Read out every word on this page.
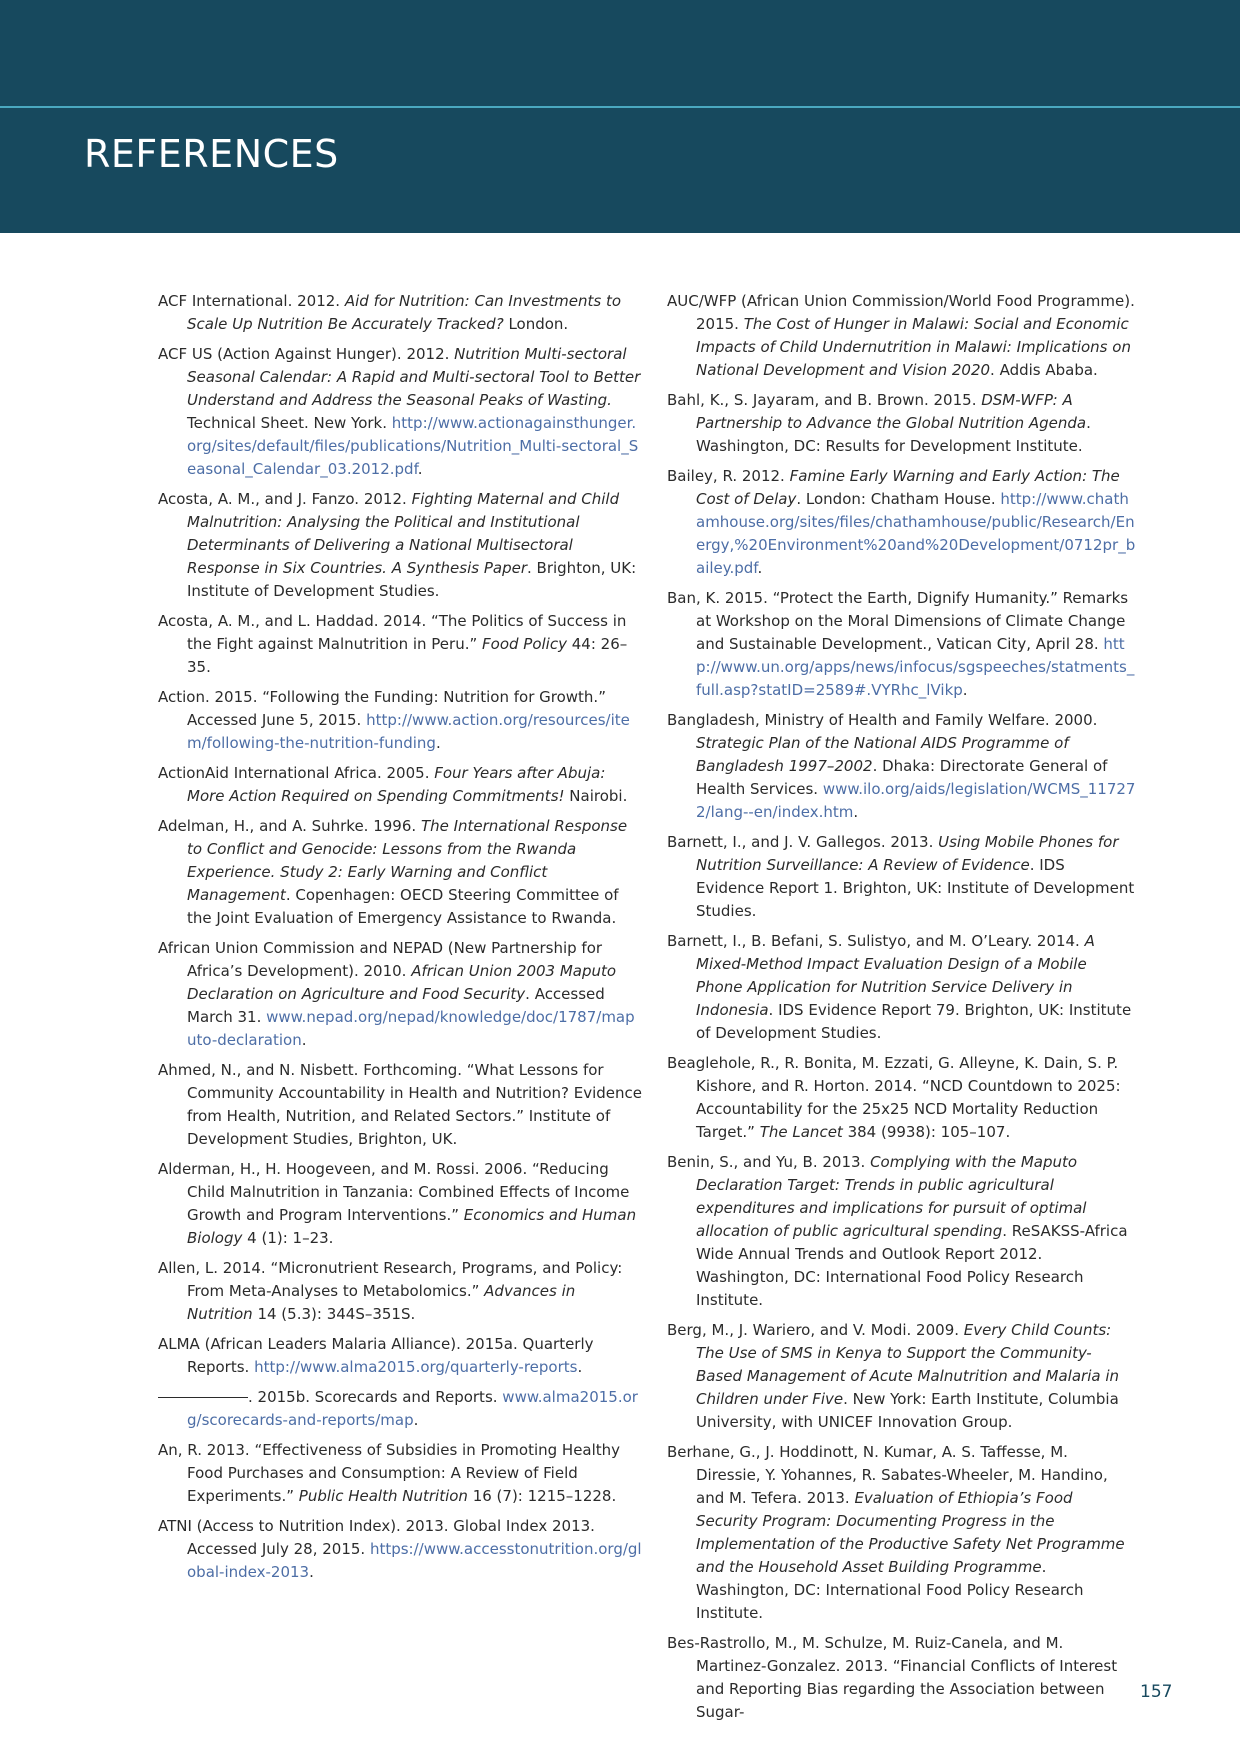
REFERENCES

ACF International. 2012. Aid for Nutrition: Can Investments to Scale Up Nutrition Be Accurately Tracked? London.

ACF US (Action Against Hunger). 2012. Nutrition Multi-sectoral Seasonal Calendar: A Rapid and Multi-sectoral Tool to Better Understand and Address the Seasonal Peaks of Wasting. Technical Sheet. New York. http://www.actionagainsthunger.org/sites/default/files/publications/Nutrition_Multi-sectoral_Seasonal_Calendar_03.2012.pdf.

Acosta, A. M., and J. Fanzo. 2012. Fighting Maternal and Child Malnutrition: Analysing the Political and Institutional Determinants of Delivering a National Multisectoral Response in Six Countries. A Synthesis Paper. Brighton, UK: Institute of Development Studies.

Acosta, A. M., and L. Haddad. 2014. “The Politics of Success in the Fight against Malnutrition in Peru.” Food Policy 44: 26–35.

Action. 2015. “Following the Funding: Nutrition for Growth.” Accessed June 5, 2015. http://www.action.org/resources/item/following-the-nutrition-funding.

ActionAid International Africa. 2005. Four Years after Abuja: More Action Required on Spending Commitments! Nairobi.

Adelman, H., and A. Suhrke. 1996. The International Response to Conflict and Genocide: Lessons from the Rwanda Experience. Study 2: Early Warning and Conflict Management. Copenhagen: OECD Steering Committee of the Joint Evaluation of Emergency Assistance to Rwanda.

African Union Commission and NEPAD (New Partnership for Africa’s Development). 2010. African Union 2003 Maputo Declaration on Agriculture and Food Security. Accessed March 31. www.nepad.org/nepad/knowledge/doc/1787/maputo-declaration.

Ahmed, N., and N. Nisbett. Forthcoming. “What Lessons for Community Accountability in Health and Nutrition? Evidence from Health, Nutrition, and Related Sectors.” Institute of Development Studies, Brighton, UK.

Alderman, H., H. Hoogeveen, and M. Rossi. 2006. “Reducing Child Malnutrition in Tanzania: Combined Effects of Income Growth and Program Interventions.” Economics and Human Biology 4 (1): 1–23.

Allen, L. 2014. “Micronutrient Research, Programs, and Policy: From Meta-Analyses to Metabolomics.” Advances in Nutrition 14 (5.3): 344S–351S.

ALMA (African Leaders Malaria Alliance). 2015a. Quarterly Reports. http://www.alma2015.org/quarterly-reports.

. 2015b. Scorecards and Reports. www.alma2015.org/scorecards-and-reports/map.

An, R. 2013. “Effectiveness of Subsidies in Promoting Healthy Food Purchases and Consumption: A Review of Field Experiments.” Public Health Nutrition 16 (7): 1215–1228.

ATNI (Access to Nutrition Index). 2013. Global Index 2013. Accessed July 28, 2015. https://www.accesstonutrition.org/global-index-2013.

AUC/WFP (African Union Commission/World Food Programme). 2015. The Cost of Hunger in Malawi: Social and Economic Impacts of Child Undernutrition in Malawi: Implications on National Development and Vision 2020. Addis Ababa.

Bahl, K., S. Jayaram, and B. Brown. 2015. DSM-WFP: A Partnership to Advance the Global Nutrition Agenda. Washington, DC: Results for Development Institute.

Bailey, R. 2012. Famine Early Warning and Early Action: The Cost of Delay. London: Chatham House. http://www.chathamhouse.org/sites/files/chathamhouse/public/Research/Energy,%20Environment%20and%20Development/0712pr_bailey.pdf.

Ban, K. 2015. “Protect the Earth, Dignify Humanity.” Remarks at Workshop on the Moral Dimensions of Climate Change and Sustainable Development., Vatican City, April 28. http://www.un.org/apps/news/infocus/sgspeeches/statments_full.asp?statID=2589#.VYRhc_lVikp.

Bangladesh, Ministry of Health and Family Welfare. 2000. Strategic Plan of the National AIDS Programme of Bangladesh 1997–2002. Dhaka: Directorate General of Health Services. www.ilo.org/aids/legislation/WCMS_117272/lang--en/index.htm.

Barnett, I., and J. V. Gallegos. 2013. Using Mobile Phones for Nutrition Surveillance: A Review of Evidence. IDS Evidence Report 1. Brighton, UK: Institute of Development Studies.

Barnett, I., B. Befani, S. Sulistyo, and M. O’Leary. 2014. A Mixed-Method Impact Evaluation Design of a Mobile Phone Application for Nutrition Service Delivery in Indonesia. IDS Evidence Report 79. Brighton, UK: Institute of Development Studies.

Beaglehole, R., R. Bonita, M. Ezzati, G. Alleyne, K. Dain, S. P. Kishore, and R. Horton. 2014. “NCD Countdown to 2025: Accountability for the 25x25 NCD Mortality Reduction Target.” The Lancet 384 (9938): 105–107.

Benin, S., and Yu, B. 2013. Complying with the Maputo Declaration Target: Trends in public agricultural expenditures and implications for pursuit of optimal allocation of public agricultural spending. ReSAKSS-Africa Wide Annual Trends and Outlook Report 2012. Washington, DC: International Food Policy Research Institute.

Berg, M., J. Wariero, and V. Modi. 2009. Every Child Counts: The Use of SMS in Kenya to Support the Community-Based Management of Acute Malnutrition and Malaria in Children under Five. New York: Earth Institute, Columbia University, with UNICEF Innovation Group.

Berhane, G., J. Hoddinott, N. Kumar, A. S. Taffesse, M. Diressie, Y. Yohannes, R. Sabates-Wheeler, M. Handino, and M. Tefera. 2013. Evaluation of Ethiopia’s Food Security Program: Documenting Progress in the Implementation of the Productive Safety Net Programme and the Household Asset Building Programme. Washington, DC: International Food Policy Research Institute.

Bes-Rastrollo, M., M. Schulze, M. Ruiz-Canela, and M. Martinez-Gonzalez. 2013. “Financial Conflicts of Interest and Reporting Bias regarding the Association between Sugar-

157
